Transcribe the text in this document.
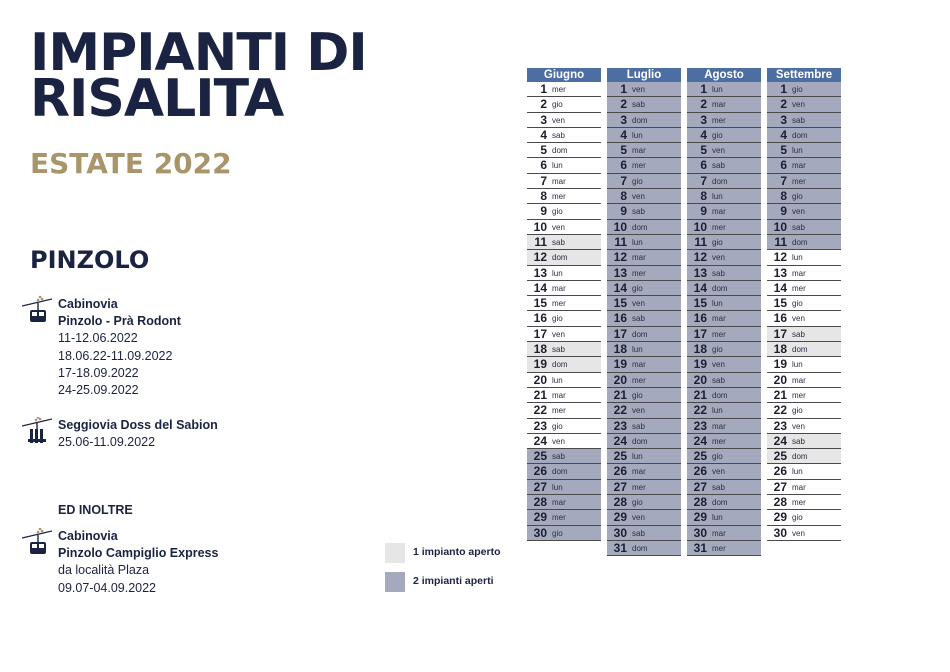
IMPIANTI DI
RISALITA
ESTATE 2022
PINZOLO
Cabinovia
Pinzolo - Prà Rodont
11-12.06.2022
18.06.22-11.09.2022
17-18.09.2022
24-25.09.2022
Seggiovia Doss del Sabion
25.06-11.09.2022
ED INOLTRE
Cabinovia
Pinzolo Campiglio Express
da località Plaza
09.07-04.09.2022
1 impianto aperto
2 impianti aperti
Giugno
1 mer
2 gio
3 ven
4 sab
5 dom
6 lun
7 mar
8 mer
9 gio
10 ven
11 sab
12 dom
13 lun
14 mar
15 mer
16 gio
17 ven
18 sab
19 dom
20 lun
21 mar
22 mer
23 gio
24 ven
25 sab
26 dom
27 lun
28 mar
29 mer
30 gio
Luglio
1 ven
2 sab
3 dom
4 lun
5 mar
6 mer
7 gio
8 ven
9 sab
10 dom
11 lun
12 mar
13 mer
14 gio
15 ven
16 sab
17 dom
18 lun
19 mar
20 mer
21 gio
22 ven
23 sab
24 dom
25 lun
26 mar
27 mer
28 gio
29 ven
30 sab
31 dom
Agosto
1 lun
2 mar
3 mer
4 gio
5 ven
6 sab
7 dom
8 lun
9 mar
10 mer
11 gio
12 ven
13 sab
14 dom
15 lun
16 mar
17 mer
18 gio
19 ven
20 sab
21 dom
22 lun
23 mar
24 mer
25 gio
26 ven
27 sab
28 dom
29 lun
30 mar
31 mer
Settembre
1 gio
2 ven
3 sab
4 dom
5 lun
6 mar
7 mer
8 gio
9 ven
10 sab
11 dom
12 lun
13 mar
14 mer
15 gio
16 ven
17 sab
18 dom
19 lun
20 mar
21 mer
22 gio
23 ven
24 sab
25 dom
26 lun
27 mar
28 mer
29 gio
30 ven
